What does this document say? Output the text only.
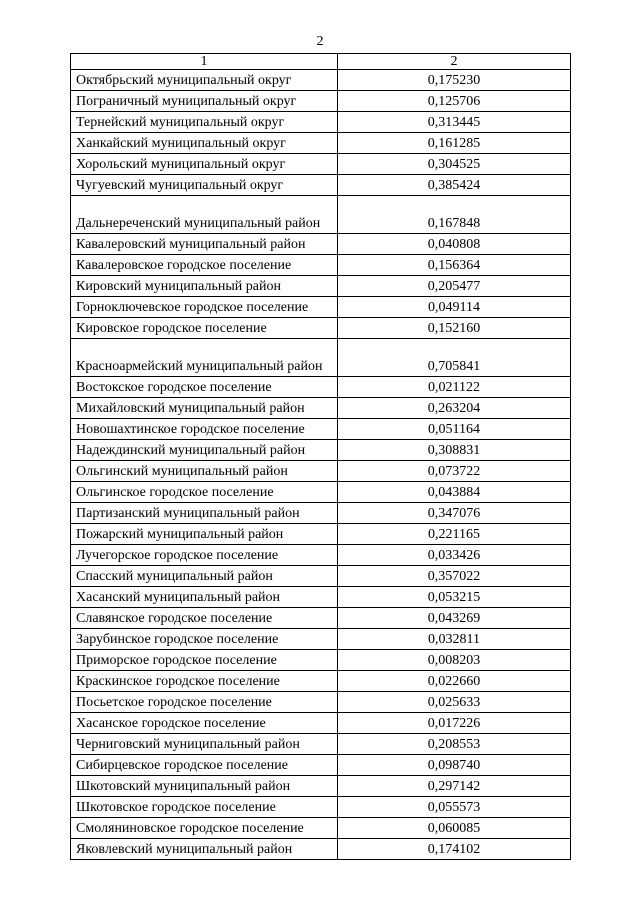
2
1	2
Октябрьский муниципальный округ	0,175230
Пограничный муниципальный округ	0,125706
Тернейский муниципальный округ	0,313445
Ханкайский муниципальный округ	0,161285
Хорольский муниципальный округ	0,304525
Чугуевский муниципальный округ	0,385424
Дальнереченский муниципальный район	0,167848
Кавалеровский муниципальный район	0,040808
Кавалеровское городское поселение	0,156364
Кировский муниципальный район	0,205477
Горноключевское городское поселение	0,049114
Кировское городское поселение	0,152160
Красноармейский муниципальный район	0,705841
Востокское городское поселение	0,021122
Михайловский муниципальный район	0,263204
Новошахтинское городское поселение	0,051164
Надеждинский муниципальный район	0,308831
Ольгинский муниципальный район	0,073722
Ольгинское городское поселение	0,043884
Партизанский муниципальный район	0,347076
Пожарский муниципальный район	0,221165
Лучегорское городское поселение	0,033426
Спасский муниципальный район	0,357022
Хасанский муниципальный район	0,053215
Славянское городское поселение	0,043269
Зарубинское городское поселение	0,032811
Приморское городское поселение	0,008203
Краскинское городское поселение	0,022660
Посьетское городское поселение	0,025633
Хасанское городское поселение	0,017226
Черниговский муниципальный район	0,208553
Сибирцевское городское поселение	0,098740
Шкотовский муниципальный район	0,297142
Шкотовское городское поселение	0,055573
Смоляниновское городское поселение	0,060085
Яковлевский муниципальный район	0,174102
